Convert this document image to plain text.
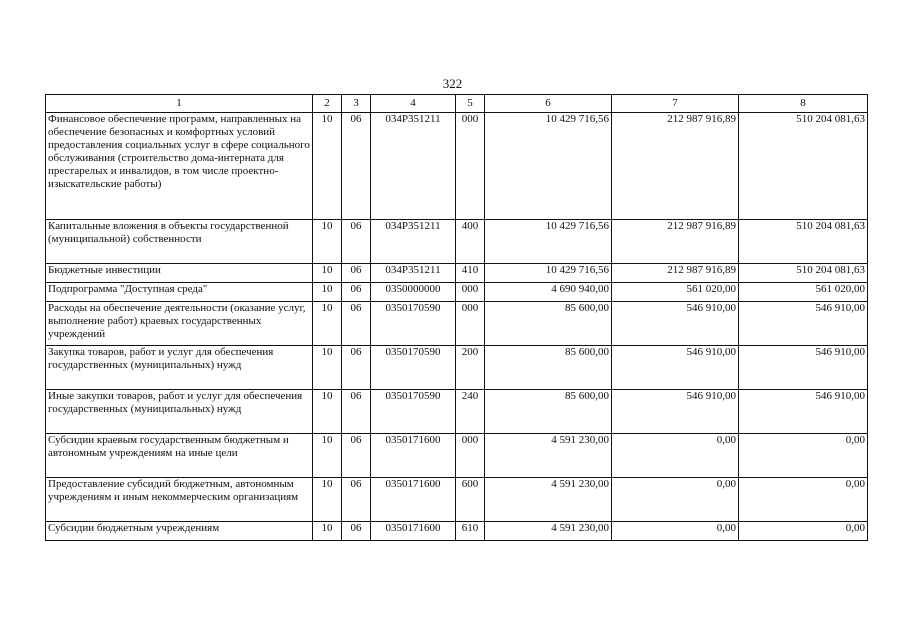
322
1	2	3	4	5	6	7	8
Финансовое обеспечение программ, направленных на обеспечение безопасных и комфортных условий предоставления социальных услуг в сфере социального обслуживания (строительство дома-интерната для престарелых и инвалидов, в том числе проектно-изыскательские работы)	10	06	034P351211	000	10 429 716,56	212 987 916,89	510 204 081,63
Капитальные вложения в объекты государственной (муниципальной) собственности	10	06	034P351211	400	10 429 716,56	212 987 916,89	510 204 081,63
Бюджетные инвестиции	10	06	034P351211	410	10 429 716,56	212 987 916,89	510 204 081,63
Подпрограмма "Доступная среда"	10	06	0350000000	000	4 690 940,00	561 020,00	561 020,00
Расходы на обеспечение деятельности (оказание услуг, выполнение работ) краевых государственных учреждений	10	06	0350170590	000	85 600,00	546 910,00	546 910,00
Закупка товаров, работ и услуг для обеспечения государственных (муниципальных) нужд	10	06	0350170590	200	85 600,00	546 910,00	546 910,00
Иные закупки товаров, работ и услуг для обеспечения государственных (муниципальных) нужд	10	06	0350170590	240	85 600,00	546 910,00	546 910,00
Субсидии краевым государственным бюджетным и автономным учреждениям на иные цели	10	06	0350171600	000	4 591 230,00	0,00	0,00
Предоставление субсидий бюджетным, автономным учреждениям и иным некоммерческим организациям	10	06	0350171600	600	4 591 230,00	0,00	0,00
Субсидии бюджетным учреждениям	10	06	0350171600	610	4 591 230,00	0,00	0,00
